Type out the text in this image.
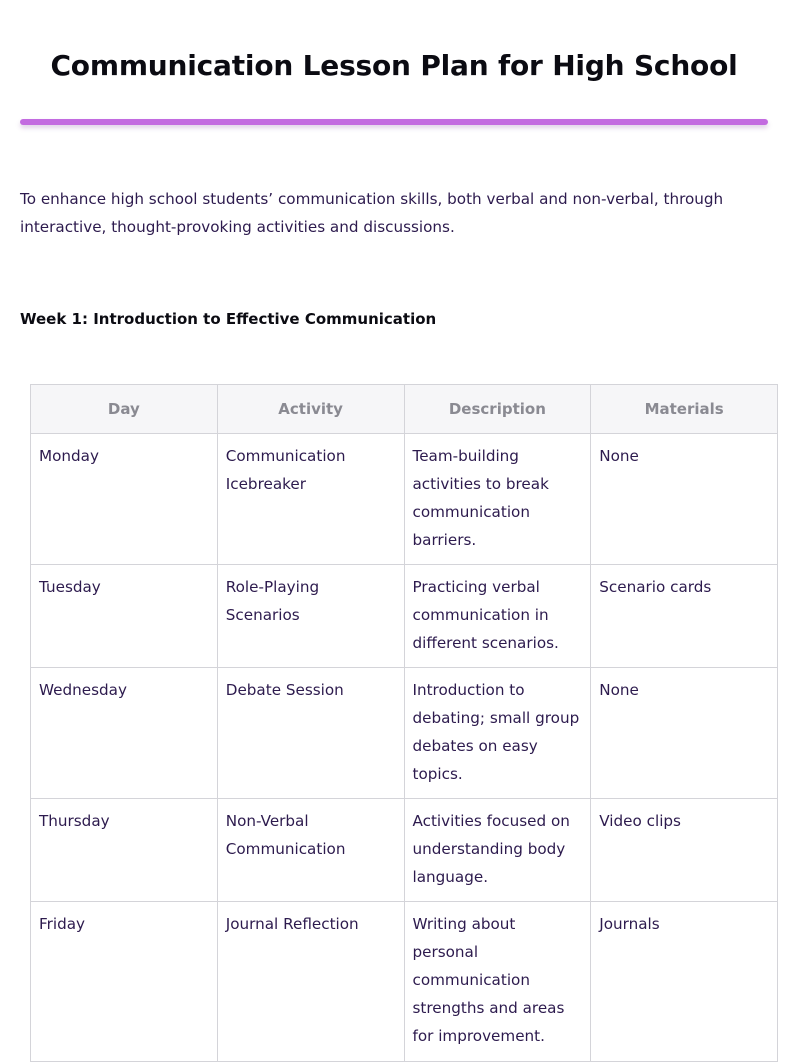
Communication Lesson Plan for High School

To enhance high school students’ communication skills, both verbal and non-verbal, through interactive, thought-provoking activities and discussions.

Week 1: Introduction to Effective Communication
Day	Activity	Description	Materials
Monday	Communication Icebreaker	Team-building activities to break communication barriers.	None
Tuesday	Role-Playing Scenarios	Practicing verbal communication in different scenarios.	Scenario cards
Wednesday	Debate Session	Introduction to debating; small group debates on easy topics.	None
Thursday	Non-Verbal Communication	Activities focused on understanding body language.	Video clips
Friday	Journal Reflection	Writing about personal communication strengths and areas for improvement.	Journals
